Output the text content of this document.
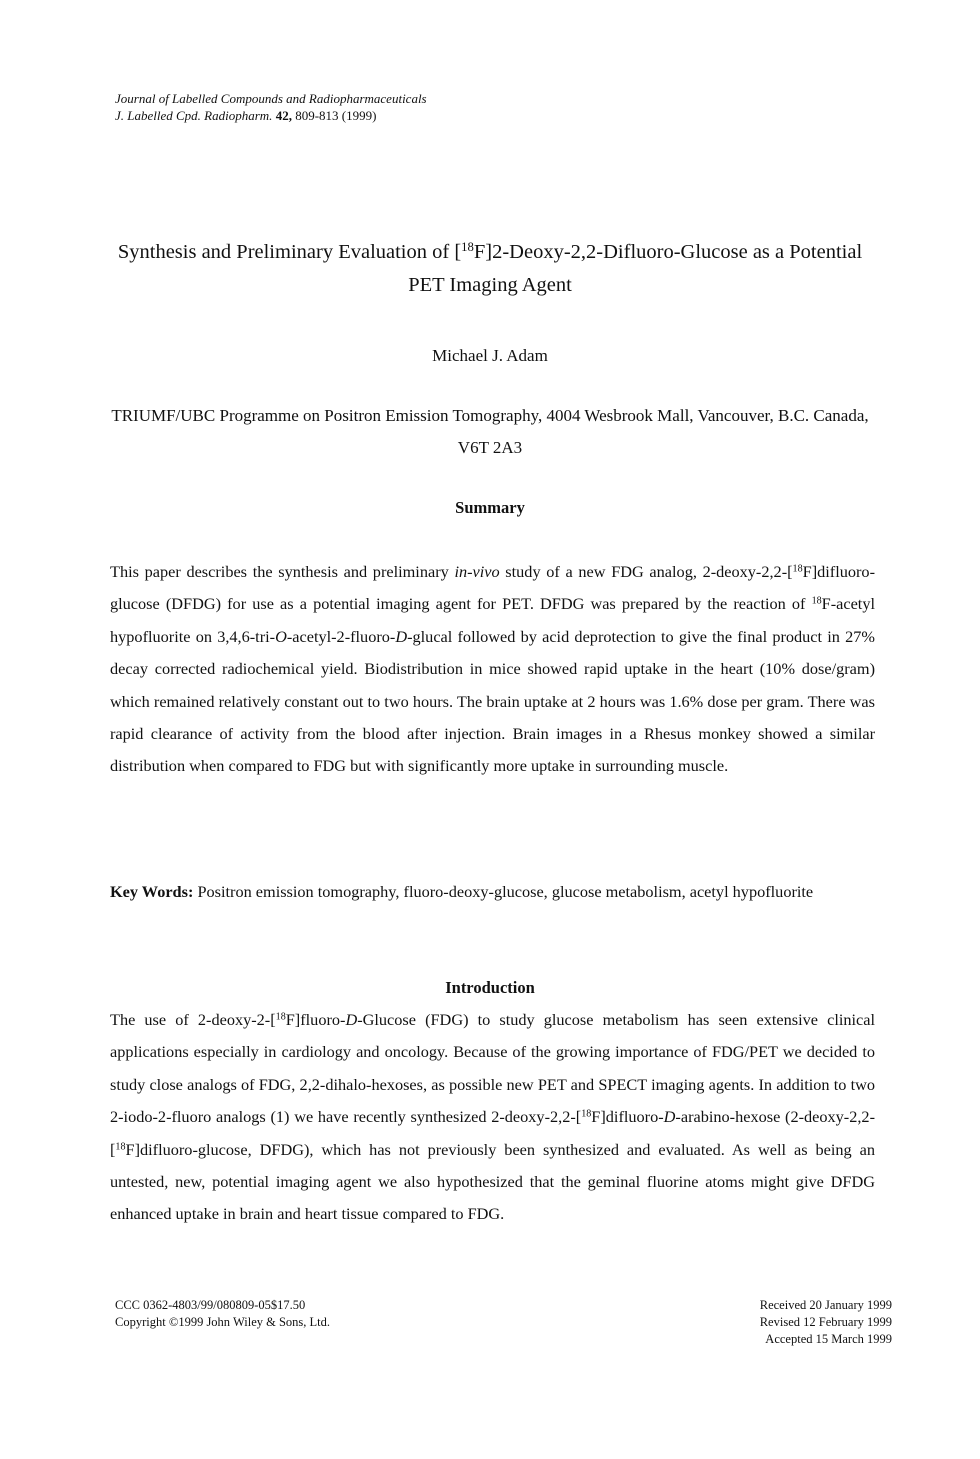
Journal of Labelled Compounds and Radiopharmaceuticals
J. Labelled Cpd. Radiopharm. 42, 809-813 (1999)
Synthesis and Preliminary Evaluation of [$^{18}$F]2-Deoxy-2,2-Difluoro-Glucose as a Potential PET Imaging Agent
Michael J. Adam
TRIUMF/UBC Programme on Positron Emission Tomography, 4004 Wesbrook Mall, Vancouver, B.C. Canada, V6T 2A3
Summary
This paper describes the synthesis and preliminary in-vivo study of a new FDG analog, 2-deoxy-2,2-[$^{18}$F]difluoro-glucose (DFDG) for use as a potential imaging agent for PET. DFDG was prepared by the reaction of $^{18}$F-acetyl hypofluorite on 3,4,6-tri-O-acetyl-2-fluoro-D-glucal followed by acid deprotection to give the final product in 27% decay corrected radiochemical yield. Biodistribution in mice showed rapid uptake in the heart (10% dose/gram) which remained relatively constant out to two hours. The brain uptake at 2 hours was 1.6% dose per gram. There was rapid clearance of activity from the blood after injection. Brain images in a Rhesus monkey showed a similar distribution when compared to FDG but with significantly more uptake in surrounding muscle.
Key Words: Positron emission tomography, fluoro-deoxy-glucose, glucose metabolism, acetyl hypofluorite
Introduction
The use of 2-deoxy-2-[$^{18}$F]fluoro-D-Glucose (FDG) to study glucose metabolism has seen extensive clinical applications especially in cardiology and oncology. Because of the growing importance of FDG/PET we decided to study close analogs of FDG, 2,2-dihalo-hexoses, as possible new PET and SPECT imaging agents. In addition to two 2-iodo-2-fluoro analogs (1) we have recently synthesized 2-deoxy-2,2-[$^{18}$F]difluoro-D-arabino-hexose (2-deoxy-2,2-[$^{18}$F]difluoro-glucose, DFDG), which has not previously been synthesized and evaluated. As well as being an untested, new, potential imaging agent we also hypothesized that the geminal fluorine atoms might give DFDG enhanced uptake in brain and heart tissue compared to FDG.
CCC 0362-4803/99/080809-05$17.50
Copyright ©1999 John Wiley & Sons, Ltd.
Received 20 January 1999
Revised 12 February 1999
Accepted 15 March 1999
